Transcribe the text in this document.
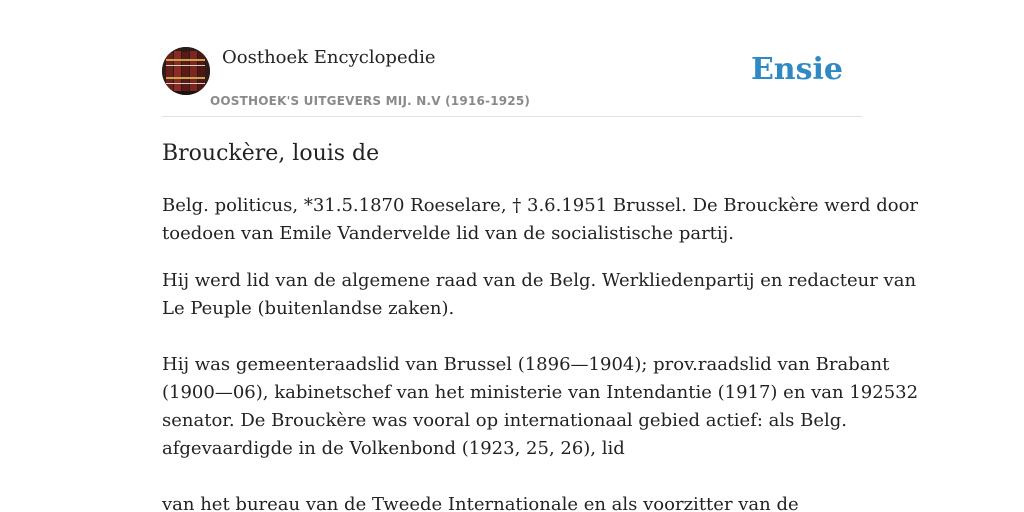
Oosthoek Encyclopedie
OOSTHOEK'S UITGEVERS MIJ. N.V (1916-1925)
Ensie
Brouckère, louis de

Belg. politicus, *31.5.1870 Roeselare, † 3.6.1951 Brussel. De Brouckère werd door
toedoen van Emile Vandervelde lid van de socialistische partij.

Hij werd lid van de algemene raad van de Belg. Werkliedenpartij en redacteur van
Le Peuple (buitenlandse zaken).

Hij was gemeenteraadslid van Brussel (1896—1904); prov.raadslid van Brabant
(1900—06), kabinetschef van het ministerie van Intendantie (1917) en van 192532
senator. De Brouckère was vooral op internationaal gebied actief: als Belg.
afgevaardigde in de Volkenbond (1923, 25, 26), lid

van het bureau van de Tweede Internationale en als voorzitter van de
